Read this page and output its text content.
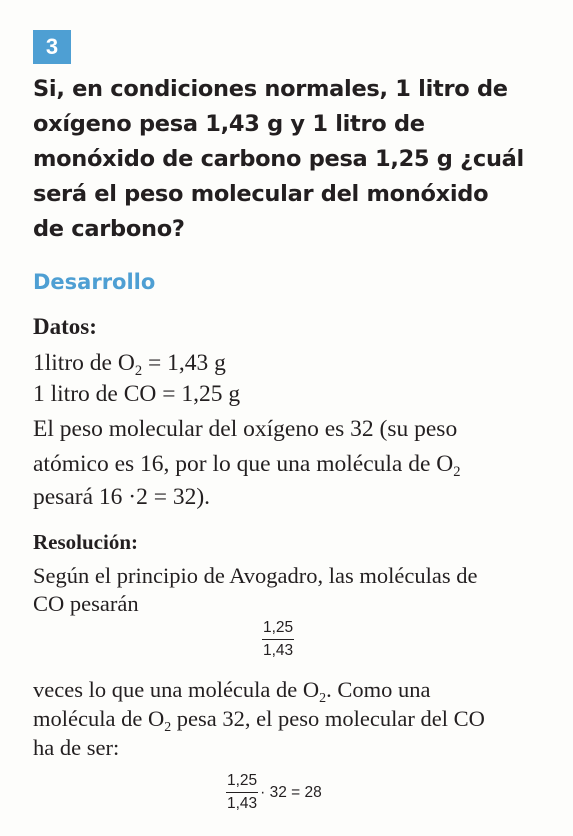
3
Si, en condiciones normales, 1 litro de
oxígeno pesa 1,43 g y 1 litro de
monóxido de carbono pesa 1,25 g ¿cuál
será el peso molecular del monóxido
de carbono?
Desarrollo
Datos:
1litro de $O_2 = 1,43$ g
1 litro de CO = 1,25 g
El peso molecular del oxígeno es 32 (su peso
atómico es 16, por lo que una molécula de $O_2$
pesará 16 ·2 = 32).
Resolución:
Según el principio de Avogadro, las moléculas de
CO pesarán
$\frac{1,25}{1,43}$
veces lo que una molécula de $O_2$. Como una
molécula de $O_2$ pesa 32, el peso molecular del CO
ha de ser:
$\frac{1,25}{1,43} \cdot 32 = 28$
